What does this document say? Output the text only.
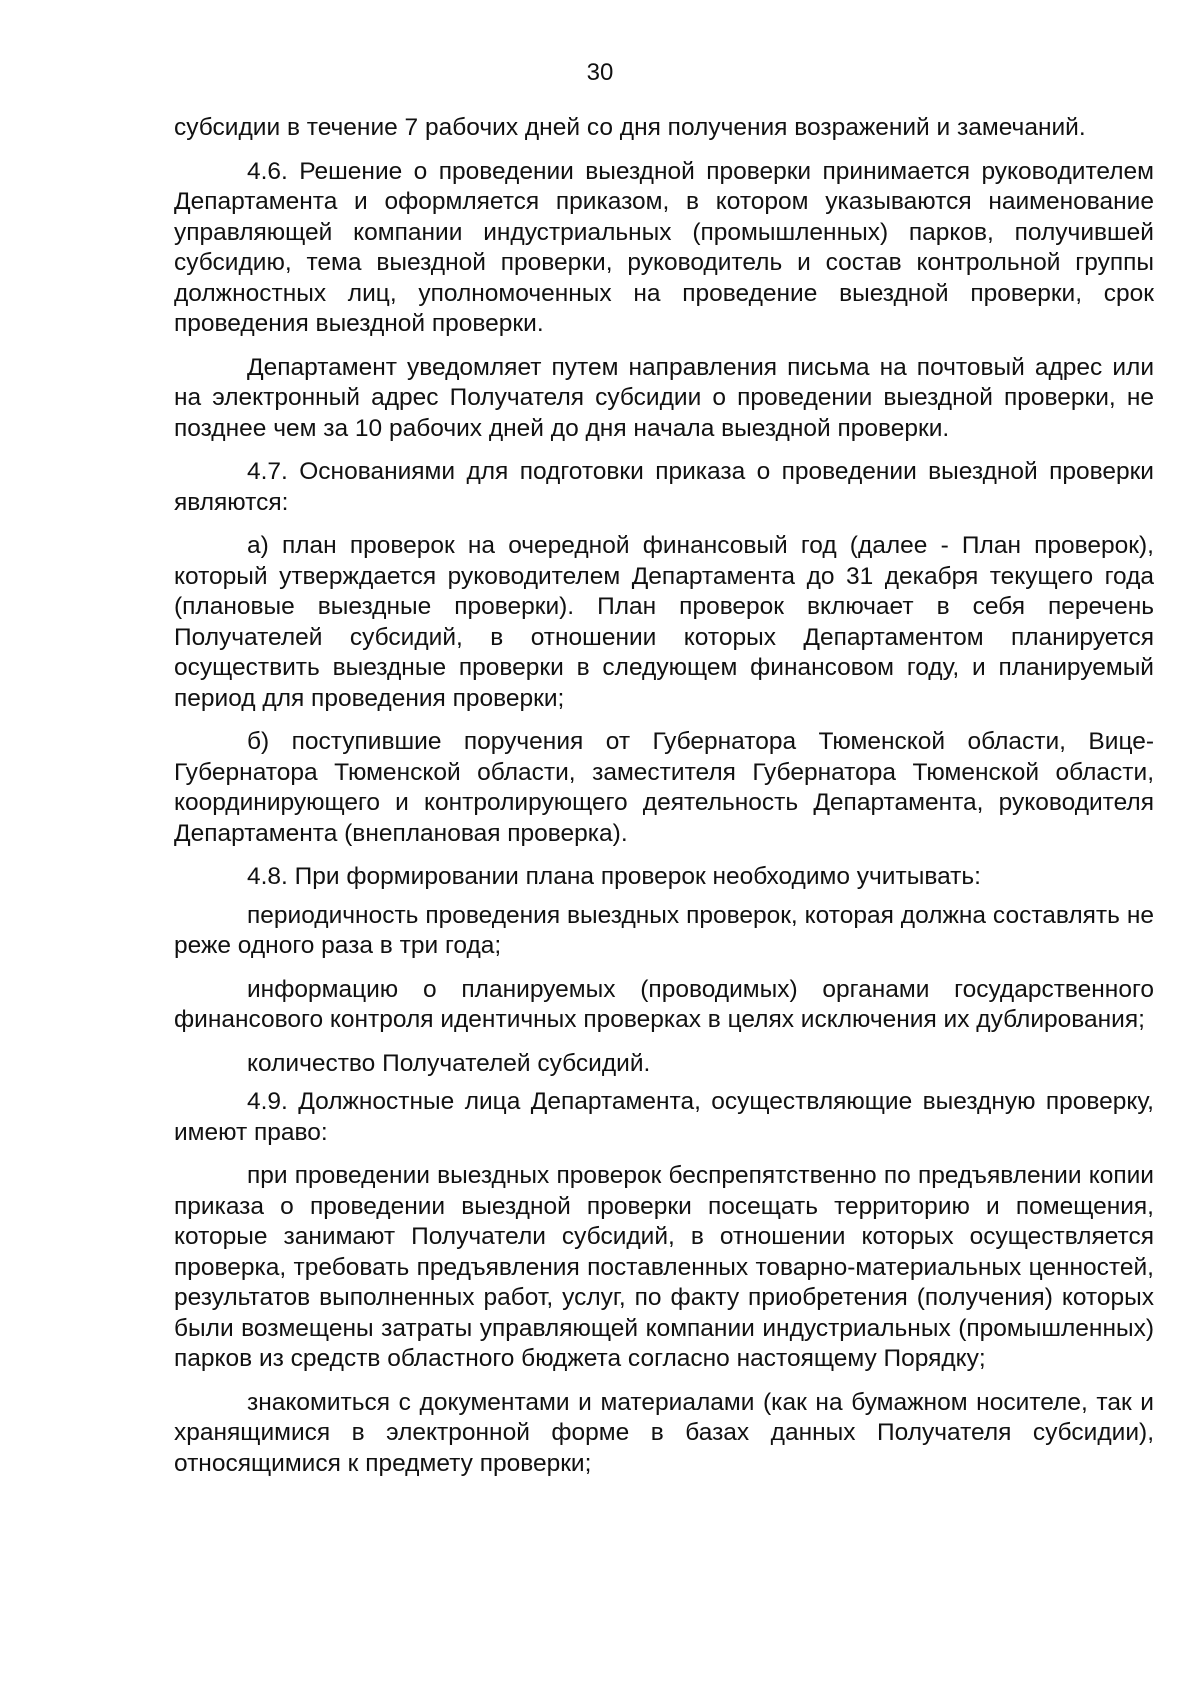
30

субсидии в течение 7 рабочих дней со дня получения возражений и замечаний.

4.6. Решение о проведении выездной проверки принимается руководителем Департамента и оформляется приказом, в котором указываются наименование управляющей компании индустриальных (промышленных) парков, получившей субсидию, тема выездной проверки, руководитель и состав контрольной группы должностных лиц, уполномоченных на проведение выездной проверки, срок проведения выездной проверки.

Департамент уведомляет путем направления письма на почтовый адрес или на электронный адрес Получателя субсидии о проведении выездной проверки, не позднее чем за 10 рабочих дней до дня начала выездной проверки.

4.7. Основаниями для подготовки приказа о проведении выездной проверки являются:

а) план проверок на очередной финансовый год (далее - План проверок), который утверждается руководителем Департамента до 31 декабря текущего года (плановые выездные проверки). План проверок включает в себя перечень Получателей субсидий, в отношении которых Департаментом планируется осуществить выездные проверки в следующем финансовом году, и планируемый период для проведения проверки;

б) поступившие поручения от Губернатора Тюменской области, Вице-Губернатора Тюменской области, заместителя Губернатора Тюменской области, координирующего и контролирующего деятельность Департамента, руководителя Департамента (внеплановая проверка).

4.8. При формировании плана проверок необходимо учитывать:

периодичность проведения выездных проверок, которая должна составлять не реже одного раза в три года;

информацию о планируемых (проводимых) органами государственного финансового контроля идентичных проверках в целях исключения их дублирования;

количество Получателей субсидий.

4.9. Должностные лица Департамента, осуществляющие выездную проверку, имеют право:

при проведении выездных проверок беспрепятственно по предъявлении копии приказа о проведении выездной проверки посещать территорию и помещения, которые занимают Получатели субсидий, в отношении которых осуществляется проверка, требовать предъявления поставленных товарно-материальных ценностей, результатов выполненных работ, услуг, по факту приобретения (получения) которых были возмещены затраты управляющей компании индустриальных (промышленных) парков из средств областного бюджета согласно настоящему Порядку;

знакомиться с документами и материалами (как на бумажном носителе, так и хранящимися в электронной форме в базах данных Получателя субсидии), относящимися к предмету проверки;
